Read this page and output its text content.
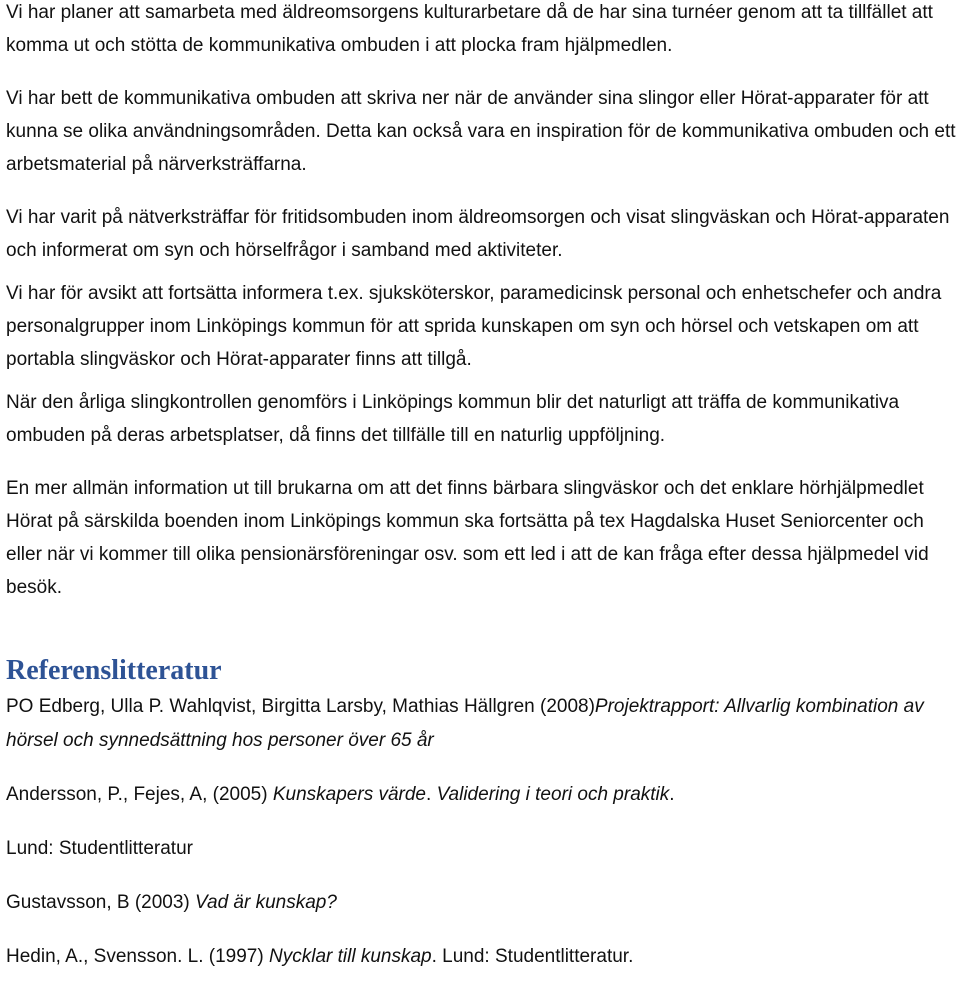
Vi har planer att samarbeta med äldreomsorgens kulturarbetare då de har sina turnéer genom att ta tillfället att komma ut och stötta de kommunikativa ombuden i att plocka fram hjälpmedlen.

Vi har bett de kommunikativa ombuden att skriva ner när de använder sina slingor eller Hörat-apparater för att kunna se olika användningsområden. Detta kan också vara en inspiration för de kommunikativa ombuden och ett arbetsmaterial på närverksträffarna.

Vi har varit på nätverksträffar för fritidsombuden inom äldreomsorgen och visat slingväskan och Hörat-apparaten och informerat om syn och hörselfrågor i samband med aktiviteter.

Vi har för avsikt att fortsätta informera t.ex. sjuksköterskor, paramedicinsk personal och enhetschefer och andra personalgrupper inom Linköpings kommun för att sprida kunskapen om syn och hörsel och vetskapen om att portabla slingväskor och Hörat-apparater finns att tillgå.

När den årliga slingkontrollen genomförs i Linköpings kommun blir det naturligt att träffa de kommunikativa ombuden på deras arbetsplatser, då finns det tillfälle till en naturlig uppföljning.

En mer allmän information ut till brukarna om att det finns bärbara slingväskor och det enklare hörhjälpmedlet Hörat på särskilda boenden inom Linköpings kommun ska fortsätta på tex Hagdalska Huset Seniorcenter och eller när vi kommer till olika pensionärsföreningar osv. som ett led i att de kan fråga efter dessa hjälpmedel vid besök.

Referenslitteratur

PO Edberg, Ulla P. Wahlqvist, Birgitta Larsby, Mathias Hällgren (2008)Projektrapport: Allvarlig kombination av hörsel och synnedsättning hos personer över 65 år

Andersson, P., Fejes, A, (2005) Kunskapers värde. Validering i teori och praktik.

Lund: Studentlitteratur

Gustavsson, B (2003) Vad är kunskap?

Hedin, A., Svensson. L. (1997) Nycklar till kunskap. Lund: Studentlitteratur.
